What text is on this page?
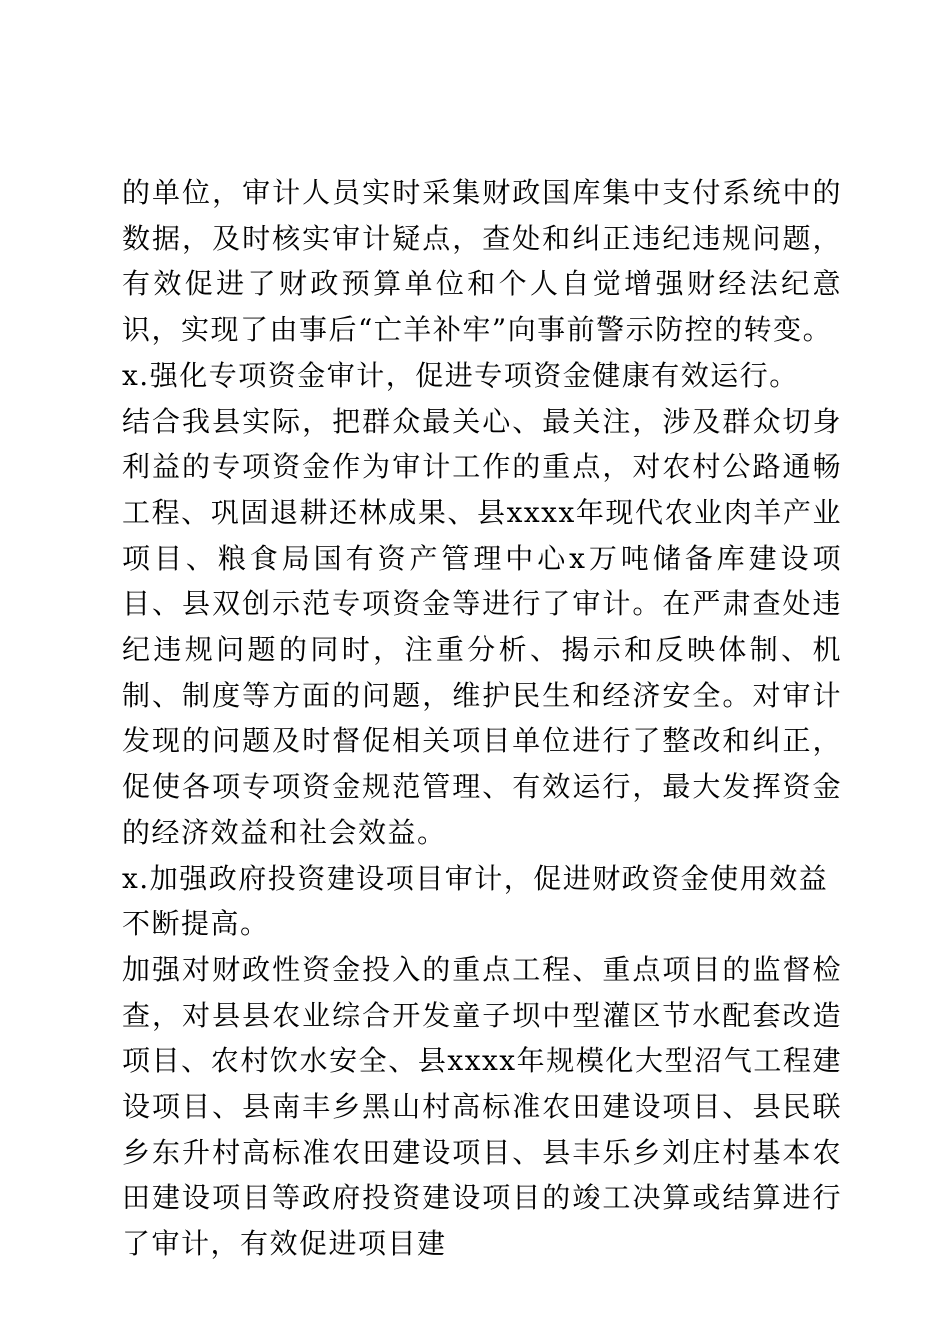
的单位，审计人员实时采集财政国库集中支付系统中的数据，及时核实审计疑点，查处和纠正违纪违规问题，有效促进了财政预算单位和个人自觉增强财经法纪意识，实现了由事后“亡羊补牢”向事前警示防控的转变。

x.强化专项资金审计，促进专项资金健康有效运行。

结合我县实际，把群众最关心、最关注，涉及群众切身利益的专项资金作为审计工作的重点，对农村公路通畅工程、巩固退耕还林成果、县xxxx年现代农业肉羊产业项目、粮食局国有资产管理中心x万吨储备库建设项目、县双创示范专项资金等进行了审计。在严肃查处违纪违规问题的同时，注重分析、揭示和反映体制、机制、制度等方面的问题，维护民生和经济安全。对审计发现的问题及时督促相关项目单位进行了整改和纠正，促使各项专项资金规范管理、有效运行，最大发挥资金的经济效益和社会效益。

x.加强政府投资建设项目审计，促进财政资金使用效益不断提高。

加强对财政性资金投入的重点工程、重点项目的监督检查，对县县农业综合开发童子坝中型灌区节水配套改造项目、农村饮水安全、县xxxx年规模化大型沼气工程建设项目、县南丰乡黑山村高标准农田建设项目、县民联乡东升村高标准农田建设项目、县丰乐乡刘庄村基本农田建设项目等政府投资建设项目的竣工决算或结算进行了审计，有效促进项目建
